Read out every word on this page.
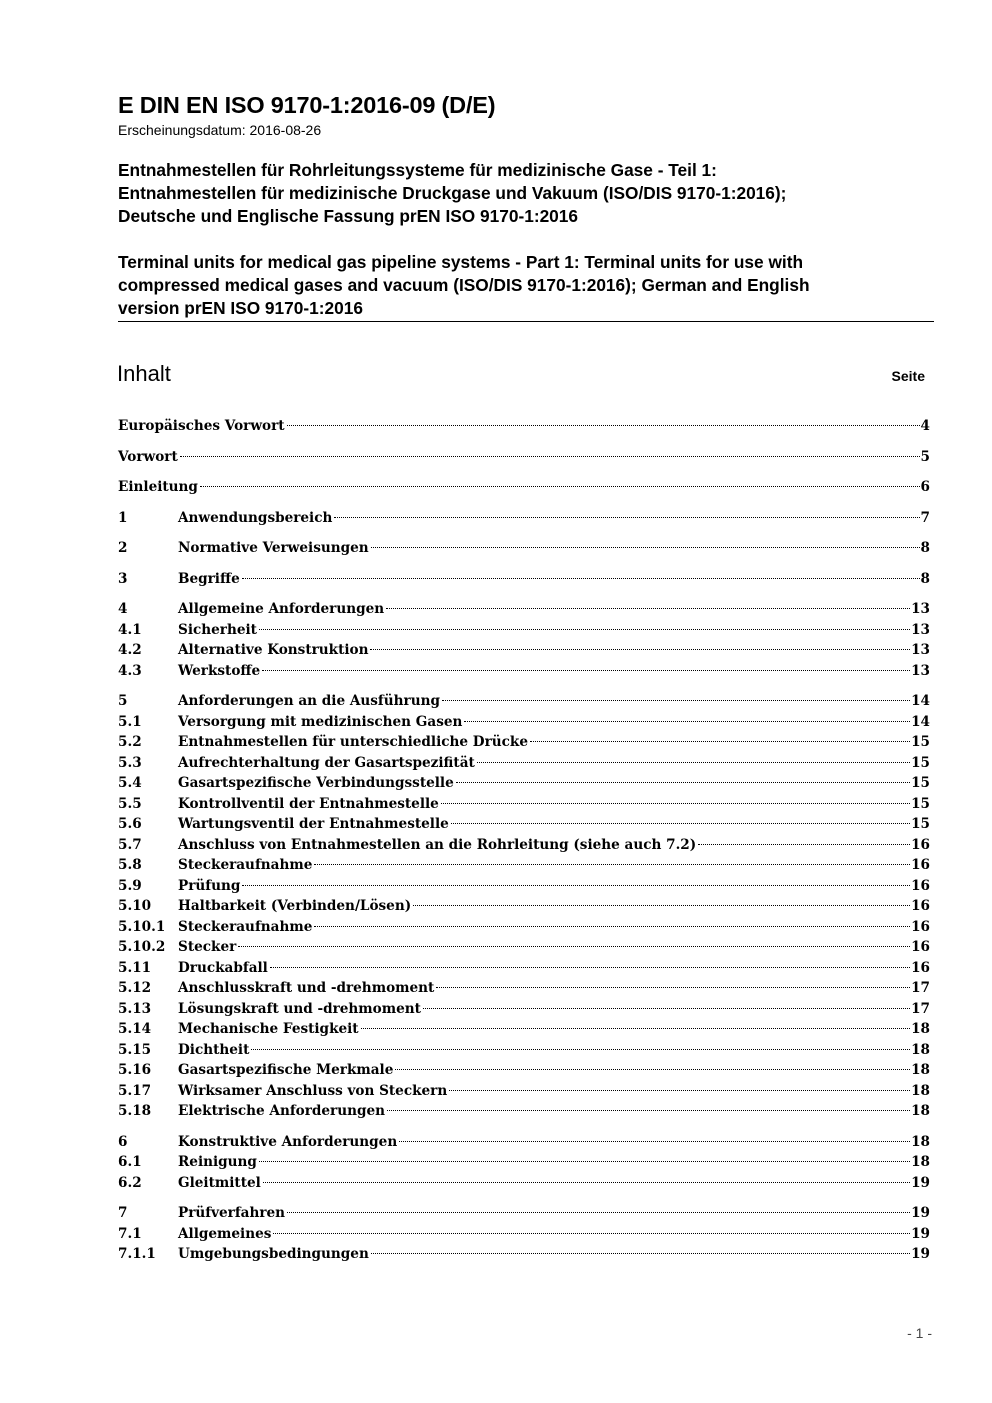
E DIN EN ISO 9170-1:2016-09 (D/E)
Erscheinungsdatum: 2016-08-26
Entnahmestellen für Rohrleitungssysteme für medizinische Gase - Teil 1:
Entnahmestellen für medizinische Druckgase und Vakuum (ISO/DIS 9170-1:2016);
Deutsche und Englische Fassung prEN ISO 9170-1:2016
Terminal units for medical gas pipeline systems - Part 1: Terminal units for use with
compressed medical gases and vacuum (ISO/DIS 9170-1:2016); German and English
version prEN ISO 9170-1:2016
Inhalt	Seite
Europäisches Vorwort	4
Vorwort	5
Einleitung	6
1	Anwendungsbereich	7
2	Normative Verweisungen	8
3	Begriffe	8
4	Allgemeine Anforderungen	13
4.1	Sicherheit	13
4.2	Alternative Konstruktion	13
4.3	Werkstoffe	13
5	Anforderungen an die Ausführung	14
5.1	Versorgung mit medizinischen Gasen	14
5.2	Entnahmestellen für unterschiedliche Drücke	15
5.3	Aufrechterhaltung der Gasartspezifität	15
5.4	Gasartspezifische Verbindungsstelle	15
5.5	Kontrollventil der Entnahmestelle	15
5.6	Wartungsventil der Entnahmestelle	15
5.7	Anschluss von Entnahmestellen an die Rohrleitung (siehe auch 7.2)	16
5.8	Steckeraufnahme	16
5.9	Prüfung	16
5.10	Haltbarkeit (Verbinden/Lösen)	16
5.10.1 Steckeraufnahme	16
5.10.2 Stecker	16
5.11	Druckabfall	16
5.12	Anschlusskraft und -drehmoment	17
5.13	Lösungskraft und -drehmoment	17
5.14	Mechanische Festigkeit	18
5.15	Dichtheit	18
5.16	Gasartspezifische Merkmale	18
5.17	Wirksamer Anschluss von Steckern	18
5.18	Elektrische Anforderungen	18
6	Konstruktive Anforderungen	18
6.1	Reinigung	18
6.2	Gleitmittel	19
7	Prüfverfahren	19
7.1	Allgemeines	19
7.1.1	Umgebungsbedingungen	19
- 1 -
